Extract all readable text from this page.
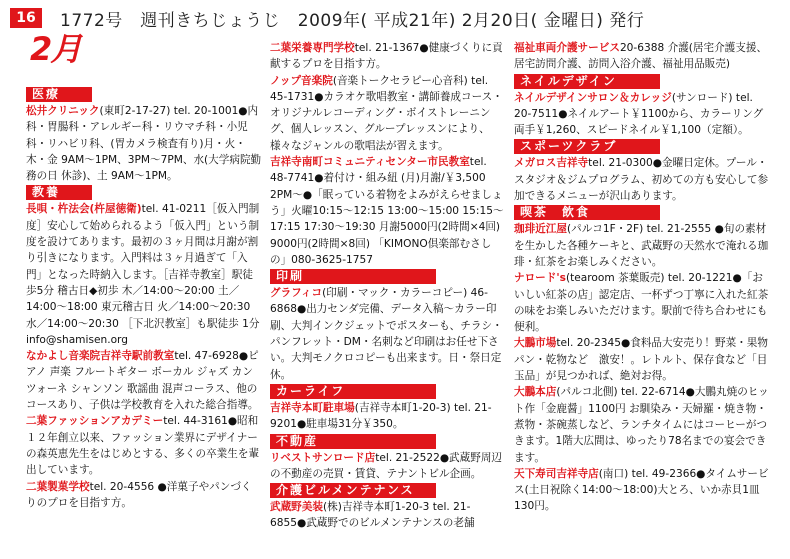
16	1772号　週刊きちじょうじ　2009年( 平成21年) 2月20日( 金曜日) 発行
2月
医療

松井クリニック(東町2-17-27) tel. 20-1001●内科・胃腸科・アレルギー科・リウマチ科・小児科・リハビリ科、(胃カメラ検査有り)月・火・木・金 9AM〜1PM、3PM〜7PM、水(大学病院勤務の日 休診)、土 9AM〜1PM。

教養

長唄・杵法会(杵屋徳衛)tel. 41-0211［仮入門制度］安心して始められるよう「仮入門」という制度を設けてあります。最初の３ヶ月間は月謝が割り引きになります。入門料は３ヶ月過ぎて「入門」となった時納入します。［吉祥寺教室］駅徒歩5分 稽古日◆初歩 木／14:00〜20:00 土／14:00〜18:00 東元稽古日 火／14:00〜20:30 水／14:00〜20:30 ［下北沢教室］も駅徒歩 1分 info@shamisen.org

なかよし音楽院吉祥寺駅前教室tel. 47-6928●ピアノ 声楽 フルートギター ボーカル ジャズ カンツォーネ シャンソン 歌謡曲 混声コーラス、他のコースあり、子供は学校教育を入れた総合指導。

二葉ファッションアカデミーtel. 44-3161●昭和１２年創立以来、ファッション業界にデザイナーの森英恵先生をはじめとする、多くの卒業生を輩出しています。

二葉製菓学校tel. 20-4556 ●洋菓子やパンづくりのプロを目指す方。

二葉栄養専門学校tel. 21-1367●健康づくりに貢献するプロを目指す方。

ノップ音楽院(音楽トークセラピー心音科) tel. 45-1731●カラオケ歌唱教室・講師養成コース・オリジナルレコーディング・ボイストレーニング、個人レッスン、グループレッスンにより、様々なジャンルの歌唱法が習えます。

吉祥寺南町コミュニティセンター市民教室tel. 48-7741●着付け・組み紐 (月)月謝/￥3,500 2PM〜●「眠っている着物をよみがえらせましょう」火曜10:15〜12:15 13:00〜15:00 15:15〜17:15 17:30〜19:30 月謝5000円(2時間×4回) 9000円(2時間×8回) 「KIMONO倶楽部むさしの」080-3625-1757

印刷

グラフィコ(印刷・マック・カラーコピー) 46-6868●出力センダ完備、データ入稿〜カラー印刷、大判インクジェットでポスターも、チラシ・パンフレット・DM・名刺など印刷はお任せ下さい。大判モノクロコピーも出来ます。日・祭日定休。

カーライフ

吉祥寺本町駐車場(吉祥寺本町1-20-3) tel. 21-9201●駐車場31分￥350。

不動産

リベストサンロード店tel. 21-2522●武蔵野周辺の不動産の売買・賃貸、テナントビル企画。

介護ビルメンテナンス

武蔵野美装(株)吉祥寺本町1-20-3 tel. 21-6855●武蔵野でのビルメンテナンスの老舗

福祉車両介護サービス20-6388 介護(居宅介護支援、居宅訪問介護、訪問入浴介護、福祉用品販売)

ネイルデザイン

ネイルデザインサロン＆カレッジ(サンロード) tel. 20-7511●ネイルアート￥1100から、カラーリング両手￥1,260、スピードネイル￥1,100（定額）。

スポーツクラブ

メガロス吉祥寺tel. 21-0300●金曜日定休。プール・スタジオ＆ジムプログラム、初めての方も安心して参加できるメニューが沢山あります。

喫茶　飲食

珈琲近江屋(パルコ1F・2F) tel. 21-2555 ●旬の素材を生かした各種ケーキと、武蔵野の天然水で淹れる珈琲・紅茶をお楽しみください。

ナロード's(tearoom 茶葉販売) tel. 20-1221●「おいしい紅茶の店」認定店、一杯ずつ丁寧に入れた紅茶の味をお楽しみいただけます。駅前で待ち合わせにも便利。

大鵬市場tel. 20-2345●食料品大安売り！野菜・果物パン・乾物など　激安！。レトルト、保存食など「目玉品」が見つかれば、絶対お得。

大鵬本店(パルコ北側) tel. 22-6714●大鵬丸焼のヒット作「金鹿醤」1100円 お馴染み・天婦羅・焼き物・煮物・茶碗蒸しなど、ランチタイムにはコーヒーがつきます。1階大広間は、ゆったり78名までの宴会できます。

天下寿司吉祥寺店(南口) tel. 49-2366●タイムサービス(土日祝除く14:00〜18:00)大とろ、いか赤貝1皿130円。
